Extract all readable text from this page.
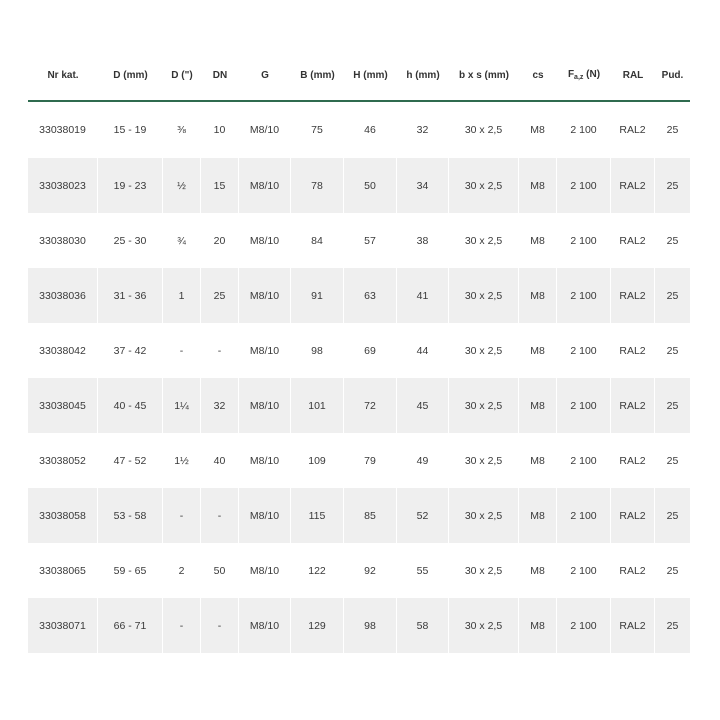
Nr kat.	D (mm)	D (")	DN	G	B (mm)	H (mm)	h (mm)	b x s (mm)	cs	$F_{a,z}$ (N)	RAL	Pud.
33038019	15 - 19	⅜	10	M8/10	75	46	32	30 x 2,5	M8	2 100	RAL2	25
33038023	19 - 23	½	15	M8/10	78	50	34	30 x 2,5	M8	2 100	RAL2	25
33038030	25 - 30	¾	20	M8/10	84	57	38	30 x 2,5	M8	2 100	RAL2	25
33038036	31 - 36	1	25	M8/10	91	63	41	30 x 2,5	M8	2 100	RAL2	25
33038042	37 - 42	-	-	M8/10	98	69	44	30 x 2,5	M8	2 100	RAL2	25
33038045	40 - 45	1¼	32	M8/10	101	72	45	30 x 2,5	M8	2 100	RAL2	25
33038052	47 - 52	1½	40	M8/10	109	79	49	30 x 2,5	M8	2 100	RAL2	25
33038058	53 - 58	-	-	M8/10	115	85	52	30 x 2,5	M8	2 100	RAL2	25
33038065	59 - 65	2	50	M8/10	122	92	55	30 x 2,5	M8	2 100	RAL2	25
33038071	66 - 71	-	-	M8/10	129	98	58	30 x 2,5	M8	2 100	RAL2	25
